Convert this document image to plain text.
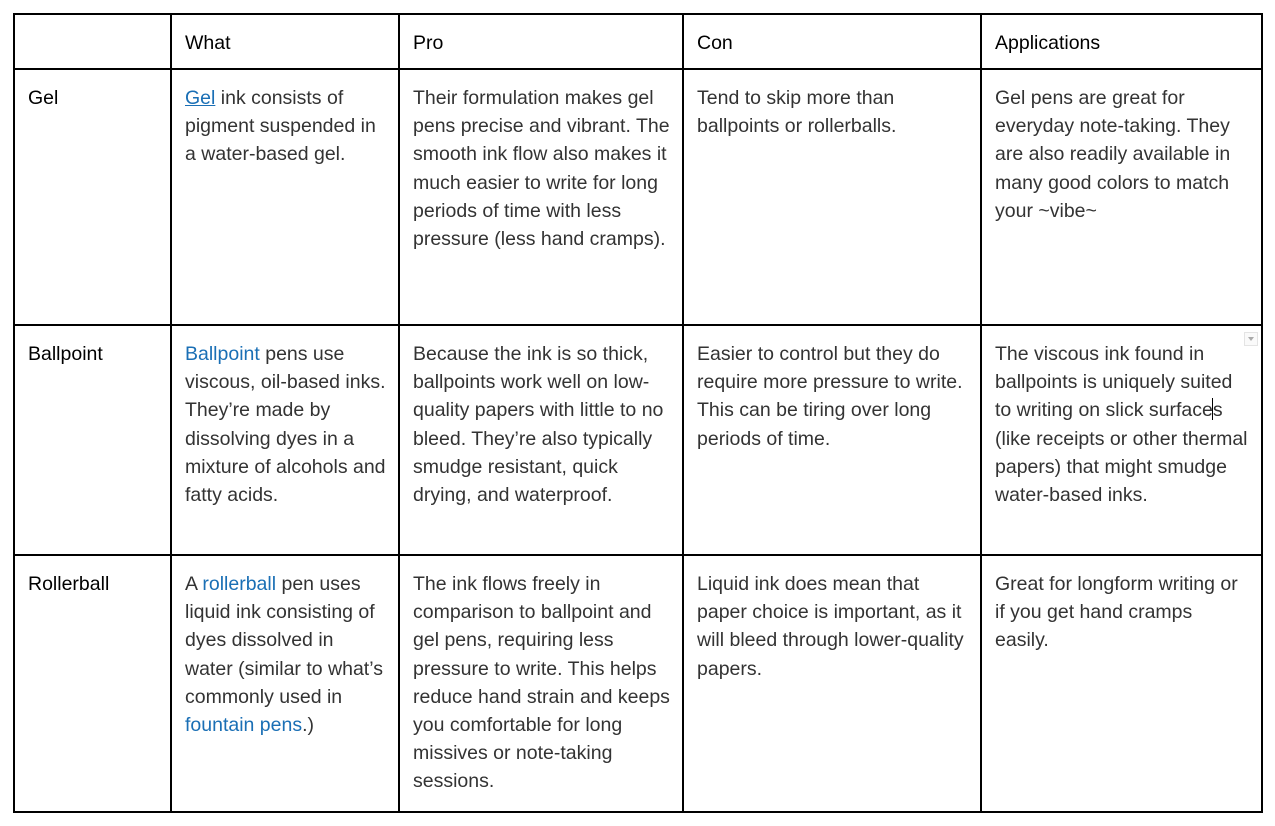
	What	Pro	Con	Applications
Gel	Gel ink consists of pigment suspended in a water-based gel.	Their formulation makes gel pens precise and vibrant. The smooth ink flow also makes it much easier to write for long periods of time with less pressure (less hand cramps).	Tend to skip more than ballpoints or rollerballs.	Gel pens are great for everyday note-taking. They are also readily available in many good colors to match your ~vibe~
Ballpoint	Ballpoint pens use viscous, oil-based inks. They’re made by dissolving dyes in a mixture of alcohols and fatty acids.	Because the ink is so thick, ballpoints work well on low-quality papers with little to no bleed. They’re also typically smudge resistant, quick drying, and waterproof.	Easier to control but they do require more pressure to write. This can be tiring over long periods of time.	The viscous ink found in ballpoints is uniquely suited to writing on slick surfaces (like receipts or other thermal papers) that might smudge water-based inks.
Rollerball	A rollerball pen uses liquid ink consisting of dyes dissolved in water (similar to what’s commonly used in fountain pens.)	The ink flows freely in comparison to ballpoint and gel pens, requiring less pressure to write. This helps reduce hand strain and keeps you comfortable for long missives or note-taking sessions.	Liquid ink does mean that paper choice is important, as it will bleed through lower-quality papers.	Great for longform writing or if you get hand cramps easily.
